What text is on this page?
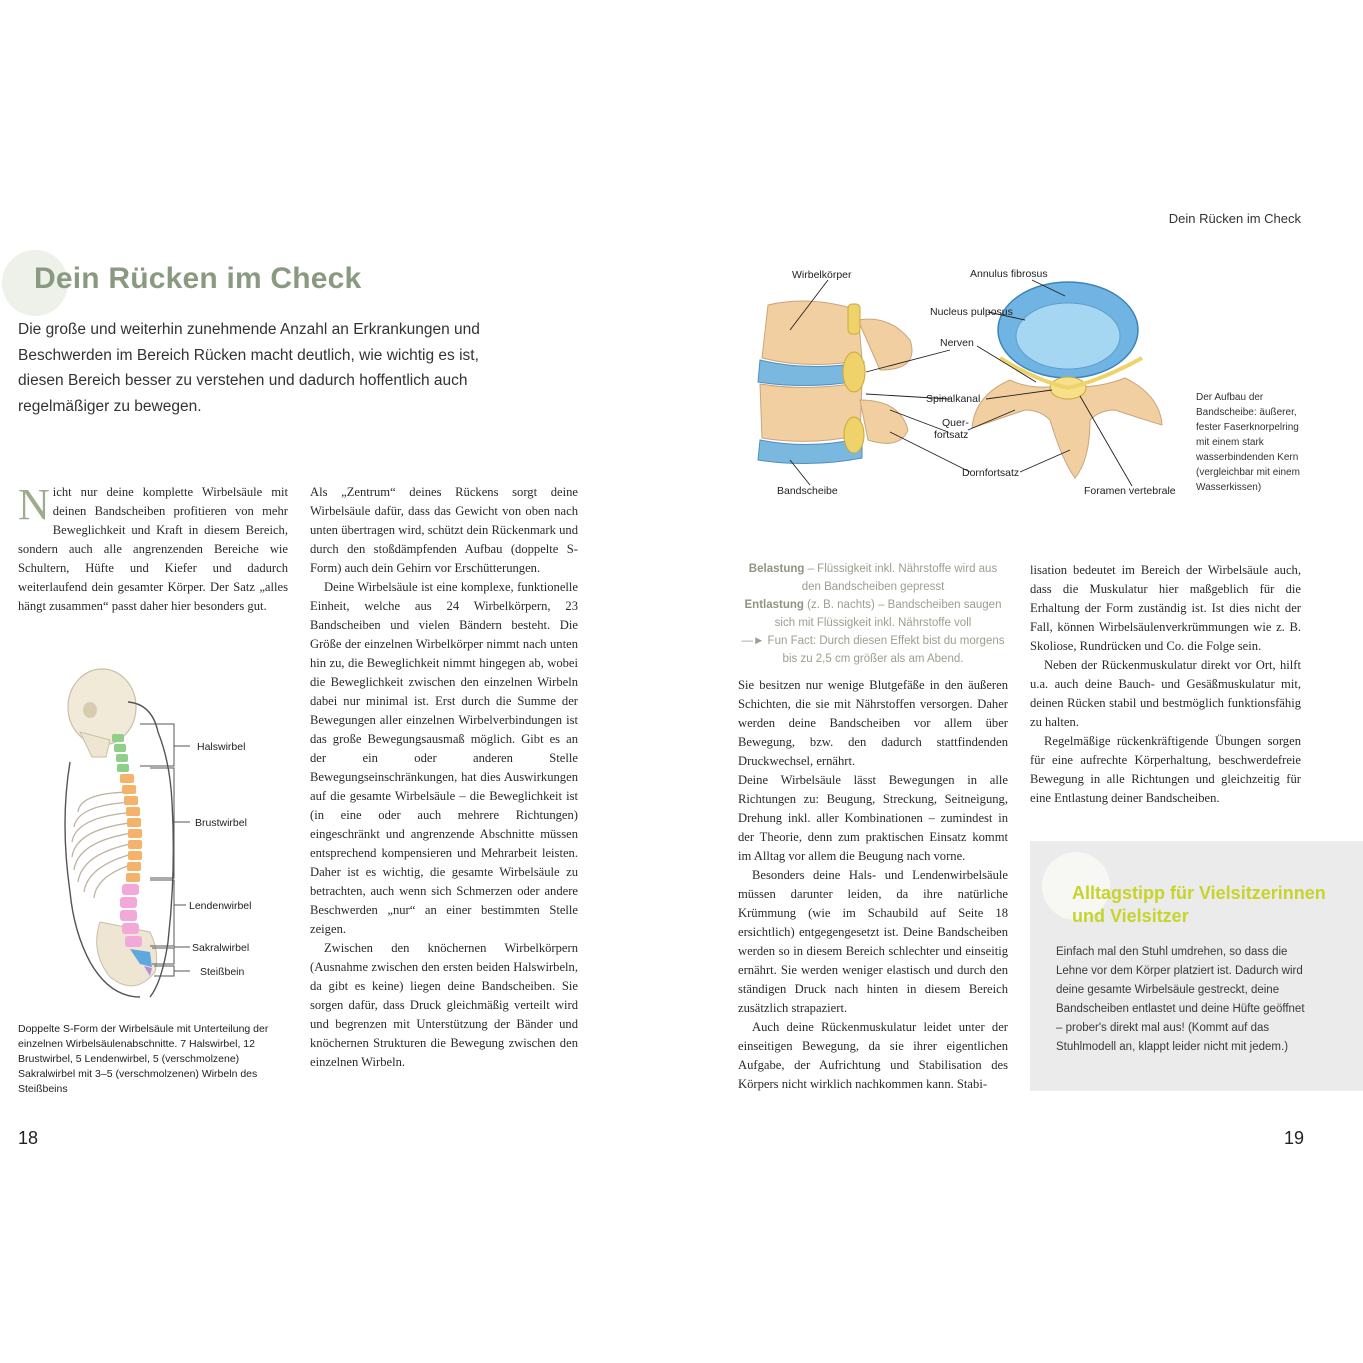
Dein Rücken im Check
Dein Rücken im Check
Die große und weiterhin zunehmende Anzahl an Erkrankungen und Beschwerden im Bereich Rücken macht deutlich, wie wichtig es ist, diesen Bereich besser zu verstehen und dadurch hoffentlich auch regelmäßiger zu bewegen.

Nicht nur deine komplette Wirbelsäule mit deinen Bandscheiben profitieren von mehr Beweglichkeit und Kraft in diesem Bereich, sondern auch alle angrenzenden Bereiche wie Schultern, Hüfte und Kiefer und dadurch weiterlaufend dein gesamter Körper. Der Satz „alles hängt zusammen“ passt daher hier besonders gut.

Halswirbel
Brustwirbel
Lendenwirbel
Sakralwirbel
Steißbein
Doppelte S-Form der Wirbelsäule mit Unterteilung der einzelnen Wirbelsäulenabschnitte. 7 Halswirbel, 12 Brustwirbel, 5 Lendenwirbel, 5 (verschmolzene) Sakralwirbel mit 3–5 (verschmolzenen) Wirbeln des Steißbeins

Als „Zentrum“ deines Rückens sorgt deine Wirbelsäule dafür, dass das Gewicht von oben nach unten übertragen wird, schützt dein Rückenmark und durch den stoßdämpfenden Aufbau (doppelte S-Form) auch dein Gehirn vor Erschütterungen.

Deine Wirbelsäule ist eine komplexe, funktionelle Einheit, welche aus 24 Wirbelkörpern, 23 Bandscheiben und vielen Bändern besteht. Die Größe der einzelnen Wirbelkörper nimmt nach unten hin zu, die Beweglichkeit nimmt hingegen ab, wobei die Beweglichkeit zwischen den einzelnen Wirbeln dabei nur minimal ist. Erst durch die Summe der Bewegungen aller einzelnen Wirbelverbindungen ist das große Bewegungsausmaß möglich. Gibt es an der ein oder anderen Stelle Bewegungseinschränkungen, hat dies Auswirkungen auf die gesamte Wirbelsäule – die Beweglichkeit ist (in eine oder auch mehrere Richtungen) eingeschränkt und angrenzende Abschnitte müssen entsprechend kompensieren und Mehrarbeit leisten. Daher ist es wichtig, die gesamte Wirbelsäule zu betrachten, auch wenn sich Schmerzen oder andere Beschwerden „nur“ an einer bestimmten Stelle zeigen.

Zwischen den knöchernen Wirbelkörpern (Ausnahme zwischen den ersten beiden Halswirbeln, da gibt es keine) liegen deine Bandscheiben. Sie sorgen dafür, dass Druck gleichmäßig verteilt wird und begrenzen mit Unterstützung der Bänder und knöchernen Strukturen die Bewegung zwischen den einzelnen Wirbeln.

18	19
Wirbelkörper	Annulus fibrosus
Nucleus pulposus
Nerven
Spinalkanal
Quer-
fortsatz
Dornfortsatz
Bandscheibe	Foramen vertebrale
Der Aufbau der Bandscheibe: äußerer, fester Faserknorpelring mit einem stark wasserbindenden Kern (vergleichbar mit einem Wasserkissen)
Belastung – Flüssigkeit inkl. Nährstoffe wird aus den Bandscheiben gepresst
Entlastung (z. B. nachts) – Bandscheiben saugen sich mit Flüssigkeit inkl. Nährstoffe voll
—► Fun Fact: Durch diesen Effekt bist du morgens bis zu 2,5 cm größer als am Abend.

Sie besitzen nur wenige Blutgefäße in den äußeren Schichten, die sie mit Nährstoffen versorgen. Daher werden deine Bandscheiben vor allem über Bewegung, bzw. den dadurch stattfindenden Druckwechsel, ernährt.

Deine Wirbelsäule lässt Bewegungen in alle Richtungen zu: Beugung, Streckung, Seitneigung, Drehung inkl. aller Kombinationen – zumindest in der Theorie, denn zum praktischen Einsatz kommt im Alltag vor allem die Beugung nach vorne.

Besonders deine Hals- und Lendenwirbelsäule müssen darunter leiden, da ihre natürliche Krümmung (wie im Schaubild auf Seite 18 ersichtlich) entgegengesetzt ist. Deine Bandscheiben werden so in diesem Bereich schlechter und einseitig ernährt. Sie werden weniger elastisch und durch den ständigen Druck nach hinten in diesem Bereich zusätzlich strapaziert.

Auch deine Rückenmuskulatur leidet unter der einseitigen Bewegung, da sie ihrer eigentlichen Aufgabe, der Aufrichtung und Stabilisation des Körpers nicht wirklich nachkommen kann. Stabi-

lisation bedeutet im Bereich der Wirbelsäule auch, dass die Muskulatur hier maßgeblich für die Erhaltung der Form zuständig ist. Ist dies nicht der Fall, können Wirbelsäulenverkrümmungen wie z. B. Skoliose, Rundrücken und Co. die Folge sein.

Neben der Rückenmuskulatur direkt vor Ort, hilft u.a. auch deine Bauch- und Gesäßmuskulatur mit, deinen Rücken stabil und bestmöglich funktionsfähig zu halten.

Regelmäßige rückenkräftigende Übungen sorgen für eine aufrechte Körperhaltung, beschwerdefreie Bewegung in alle Richtungen und gleichzeitig für eine Entlastung deiner Bandscheiben.

Alltagstipp für Vielsitzerinnen und Vielsitzer
Einfach mal den Stuhl umdrehen, so dass die Lehne vor dem Körper platziert ist. Dadurch wird deine gesamte Wirbelsäule gestreckt, deine Bandscheiben entlastet und deine Hüfte geöffnet – prober's direkt mal aus! (Kommt auf das Stuhlmodell an, klappt leider nicht mit jedem.)
